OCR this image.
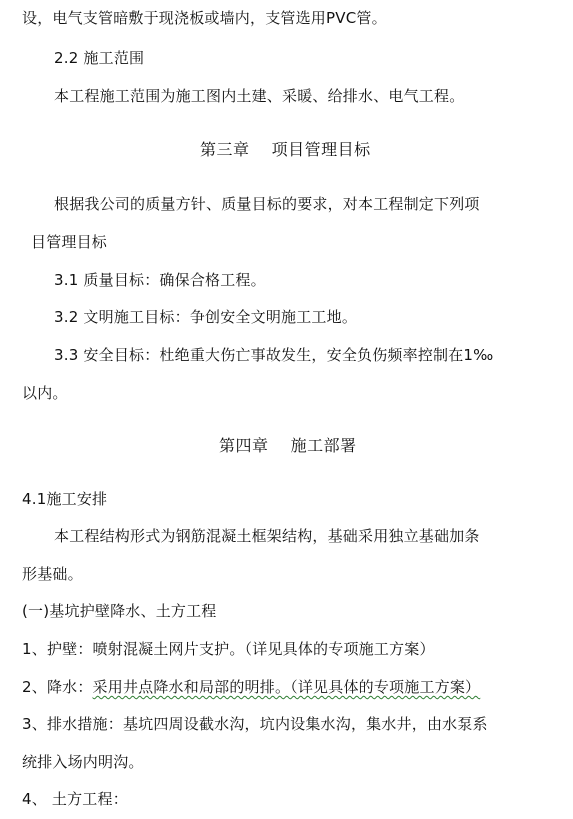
设，电气支管暗敷于现浇板或墙内，支管选用PVC管。
2.2 施工范围
本工程施工范围为施工图内土建、采暖、给排水、电气工程。
第三章　 项目管理目标
根据我公司的质量方针、质量目标的要求，对本工程制定下列项
目管理目标
3.1 质量目标：确保合格工程。
3.2 文明施工目标：争创安全文明施工工地。
3.3 安全目标：杜绝重大伤亡事故发生，安全负伤频率控制在1‰
以内。
第四章　 施工部署
4.1施工安排
本工程结构形式为钢筋混凝土框架结构，基础采用独立基础加条
形基础。
(一)基坑护壁降水、土方工程
1、护壁：喷射混凝土网片支护。（详见具体的专项施工方案）
2、降水：采用井点降水和局部的明排。（详见具体的专项施工方案）
3、排水措施：基坑四周设截水沟，坑内设集水沟，集水井，由水泵系
统排入场内明沟。
4、 土方工程：
